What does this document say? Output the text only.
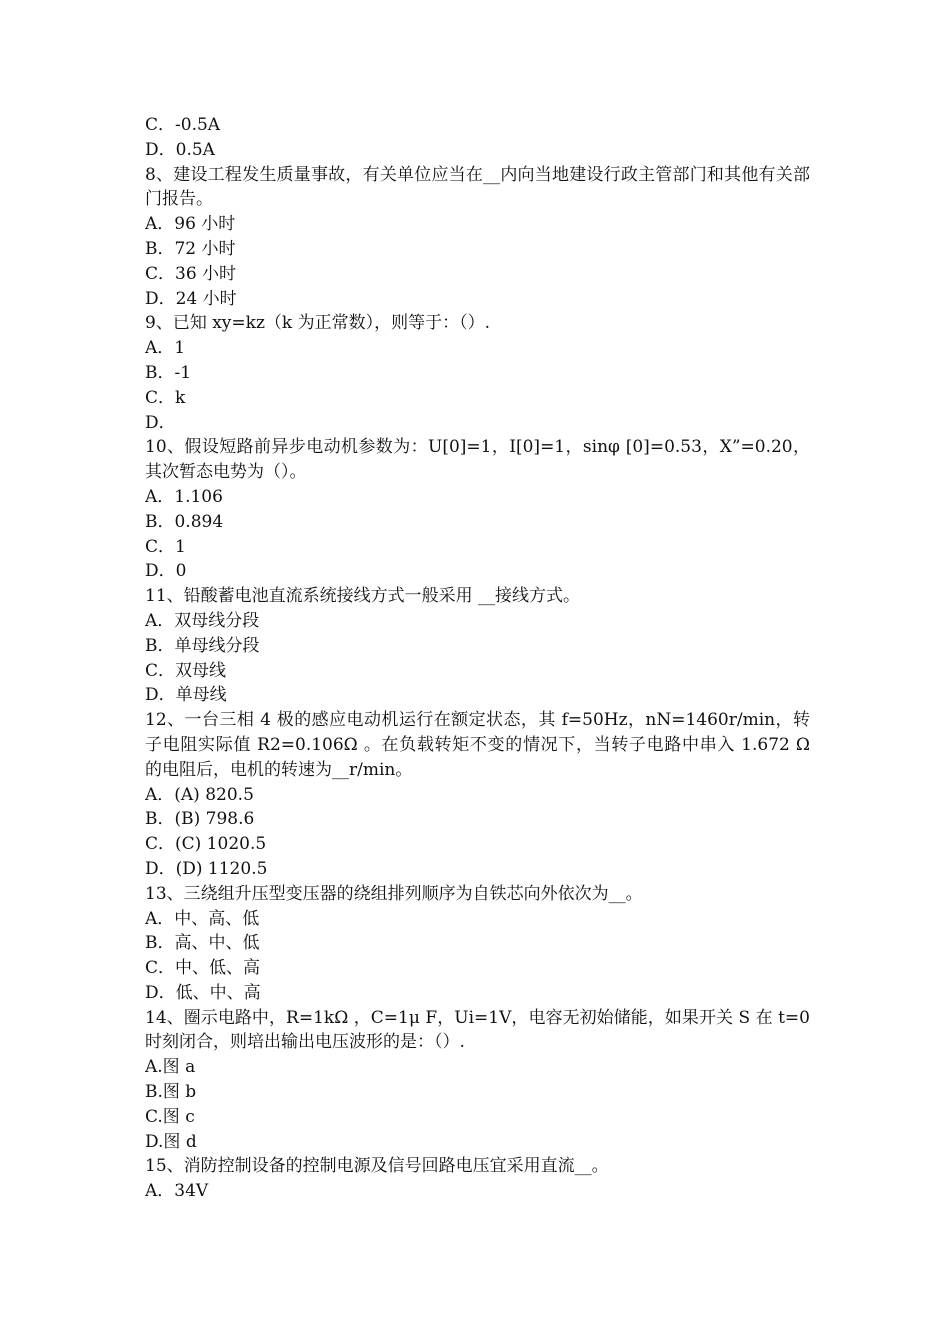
C．-0.5A
D．0.5A
8、建设工程发生质量事故，有关单位应当在__内向当地建设行政主管部门和其他有关部门报告。
A．96 小时
B．72 小时
C．36 小时
D．24 小时
9、已知 xy=kz（k 为正常数），则等于：（）.
A．1
B．-1
C．k
D．
10、假设短路前异步电动机参数为：U[0]=1，I[0]=1，sinφ [0]=0.53，X”=0.20，其次暂态电势为（）。
A．1.106
B．0.894
C．1
D．0
11、铅酸蓄电池直流系统接线方式一般采用 __接线方式。
A．双母线分段
B．单母线分段
C．双母线
D．单母线
12、一台三相 4 极的感应电动机运行在额定状态，其 f=50Hz，nN=1460r/min，转子电阻实际值 R2=0.106Ω 。在负载转矩不变的情况下，当转子电路中串入 1.672 Ω 的电阻后，电机的转速为__r/min。
A．(A) 820.5
B．(B) 798.6
C．(C) 1020.5
D．(D) 1120.5
13、三绕组升压型变压器的绕组排列顺序为自铁芯向外依次为__。
A．中、高、低
B．高、中、低
C．中、低、高
D．低、中、高
14、圈示电路中，R=1kΩ ，C=1μ F，Ui=1V，电容无初始储能，如果开关 S 在 t=0 时刻闭合，则培出输出电压波形的是：（）.
A.图 a
B.图 b
C.图 c
D.图 d
15、消防控制设备的控制电源及信号回路电压宜采用直流__。
A．34V
